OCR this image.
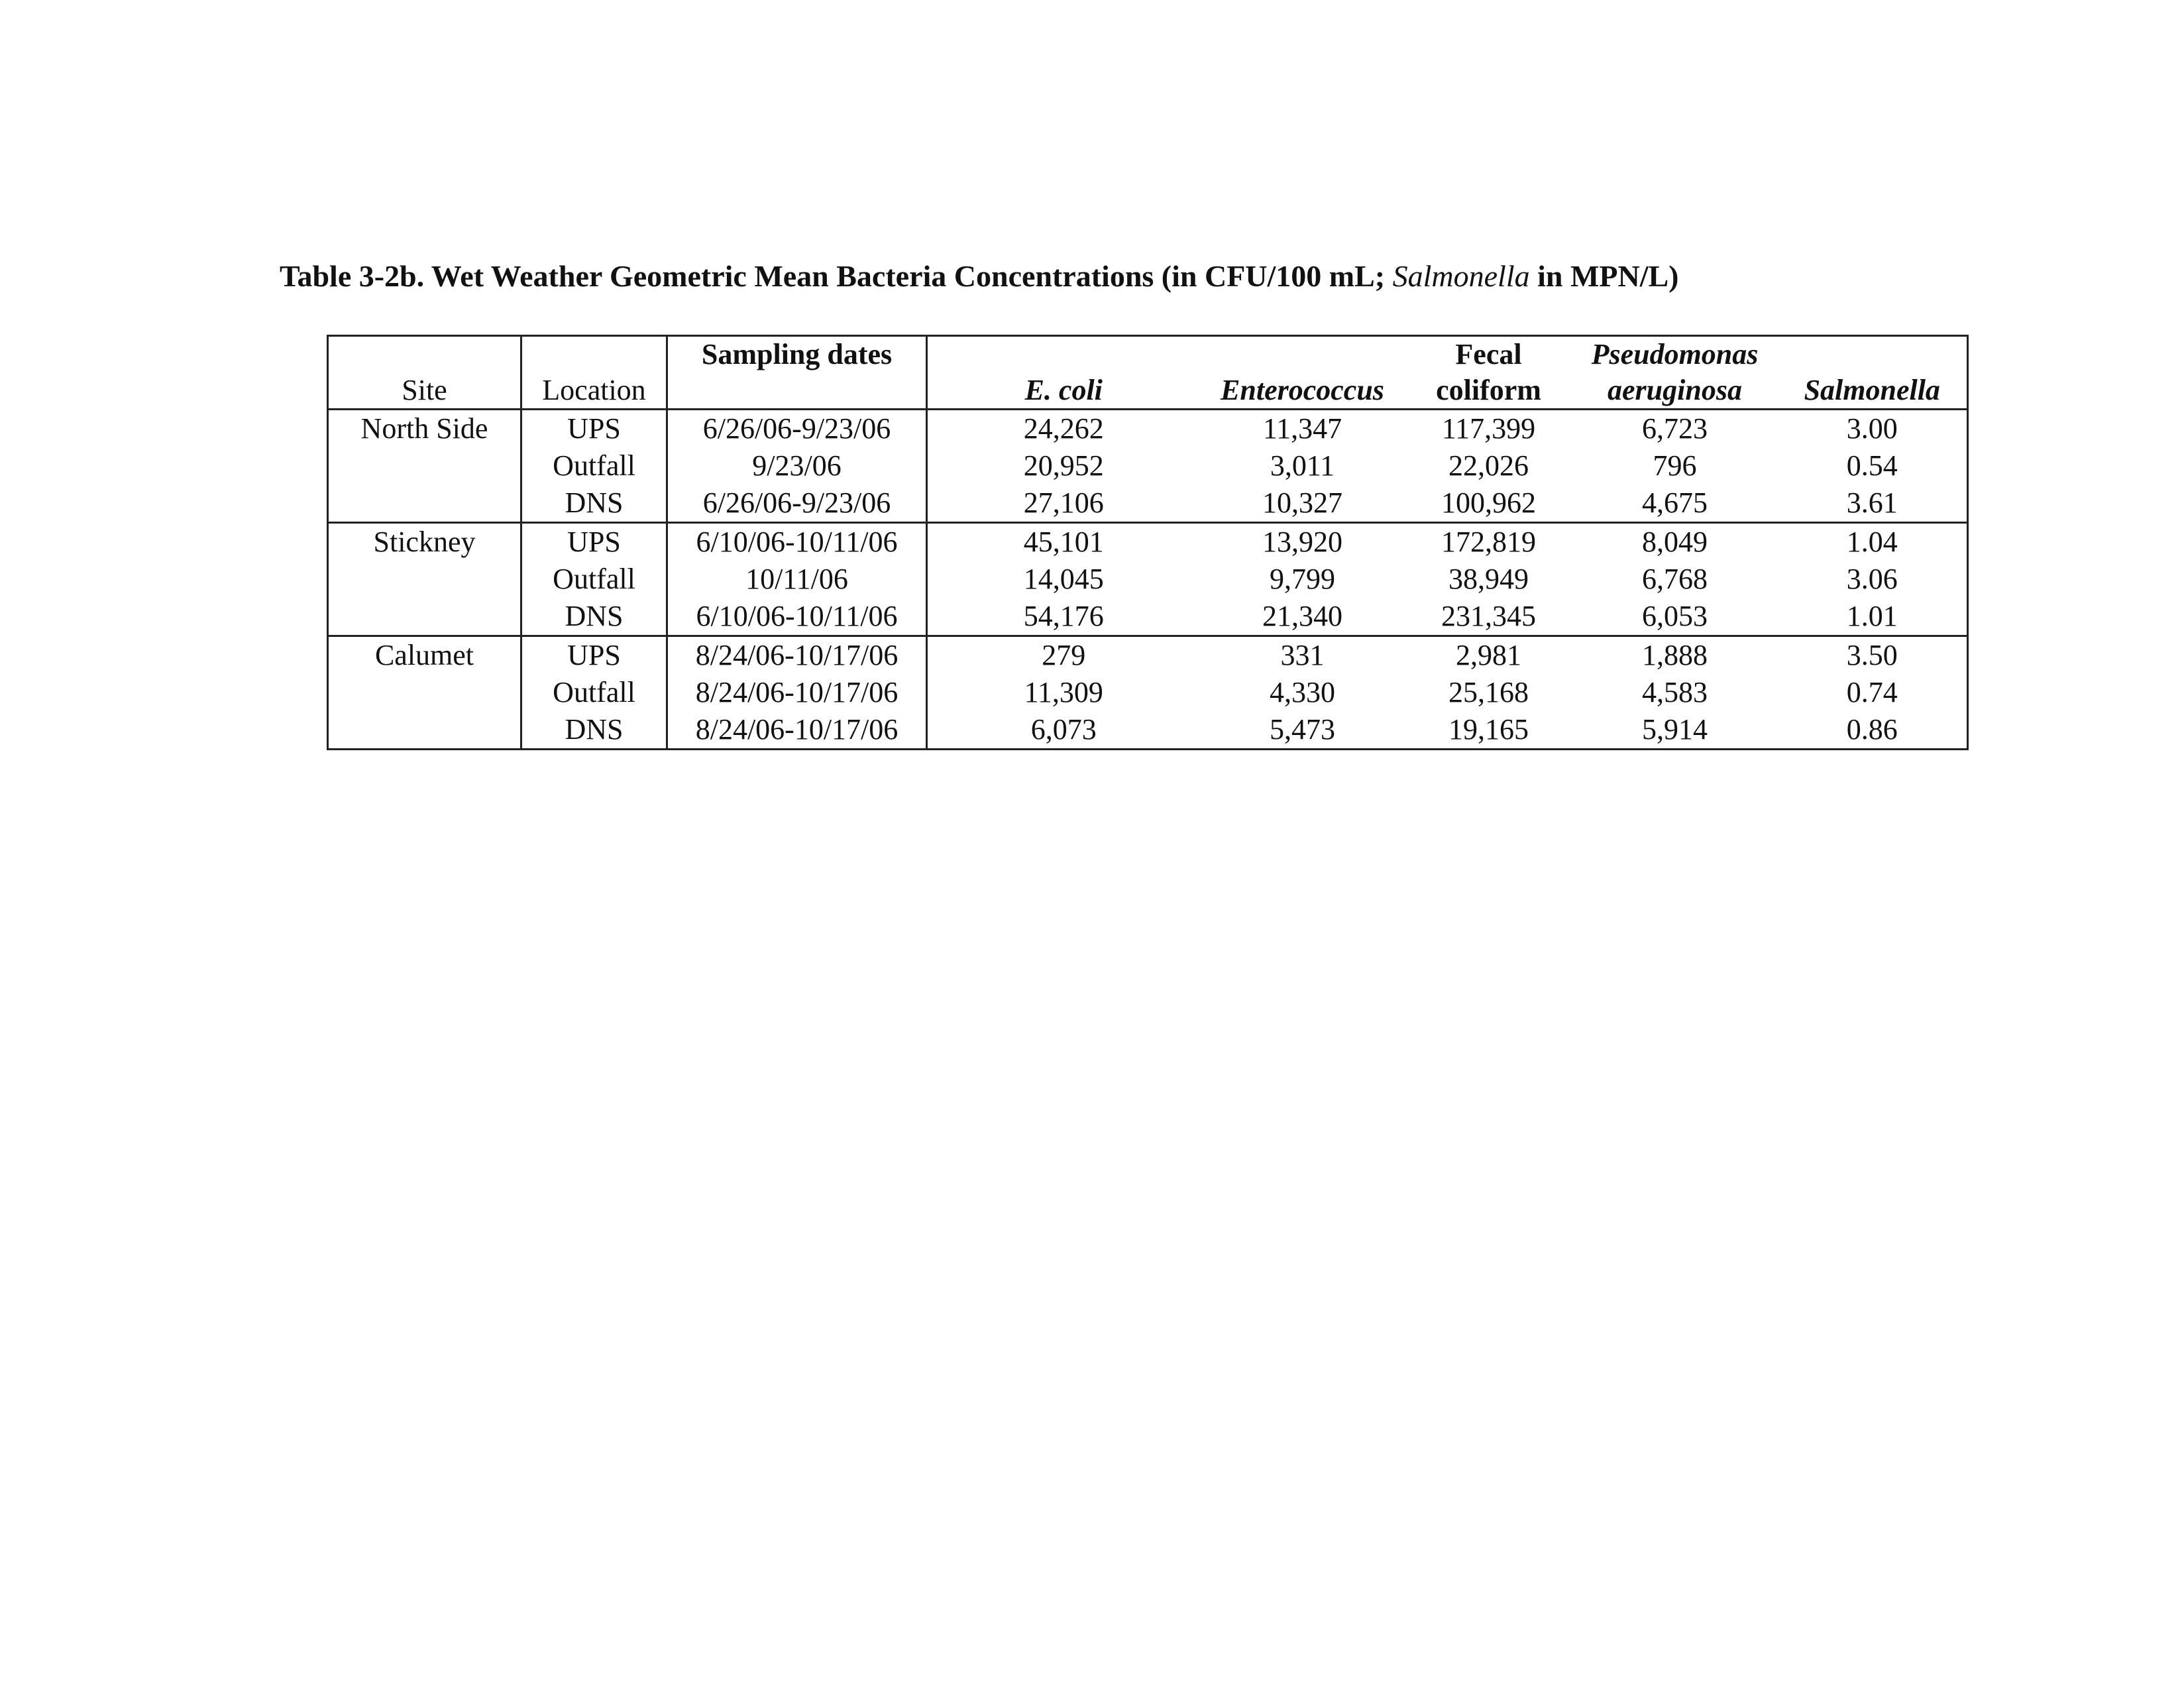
Table 3-2b. Wet Weather Geometric Mean Bacteria Concentrations (in CFU/100 mL; Salmonella in MPN/L)
Site	Location	Sampling dates	E. coli	Enterococcus	Fecal	Pseudomonas	Salmonella
					coliform	aeruginosa	
North Side	UPS	6/26/06-9/23/06	24,262	11,347	117,399	6,723	3.00
	Outfall	9/23/06	20,952	3,011	22,026	796	0.54
	DNS	6/26/06-9/23/06	27,106	10,327	100,962	4,675	3.61
Stickney	UPS	6/10/06-10/11/06	45,101	13,920	172,819	8,049	1.04
	Outfall	10/11/06	14,045	9,799	38,949	6,768	3.06
	DNS	6/10/06-10/11/06	54,176	21,340	231,345	6,053	1.01
Calumet	UPS	8/24/06-10/17/06	279	331	2,981	1,888	3.50
	Outfall	8/24/06-10/17/06	11,309	4,330	25,168	4,583	0.74
	DNS	8/24/06-10/17/06	6,073	5,473	19,165	5,914	0.86
